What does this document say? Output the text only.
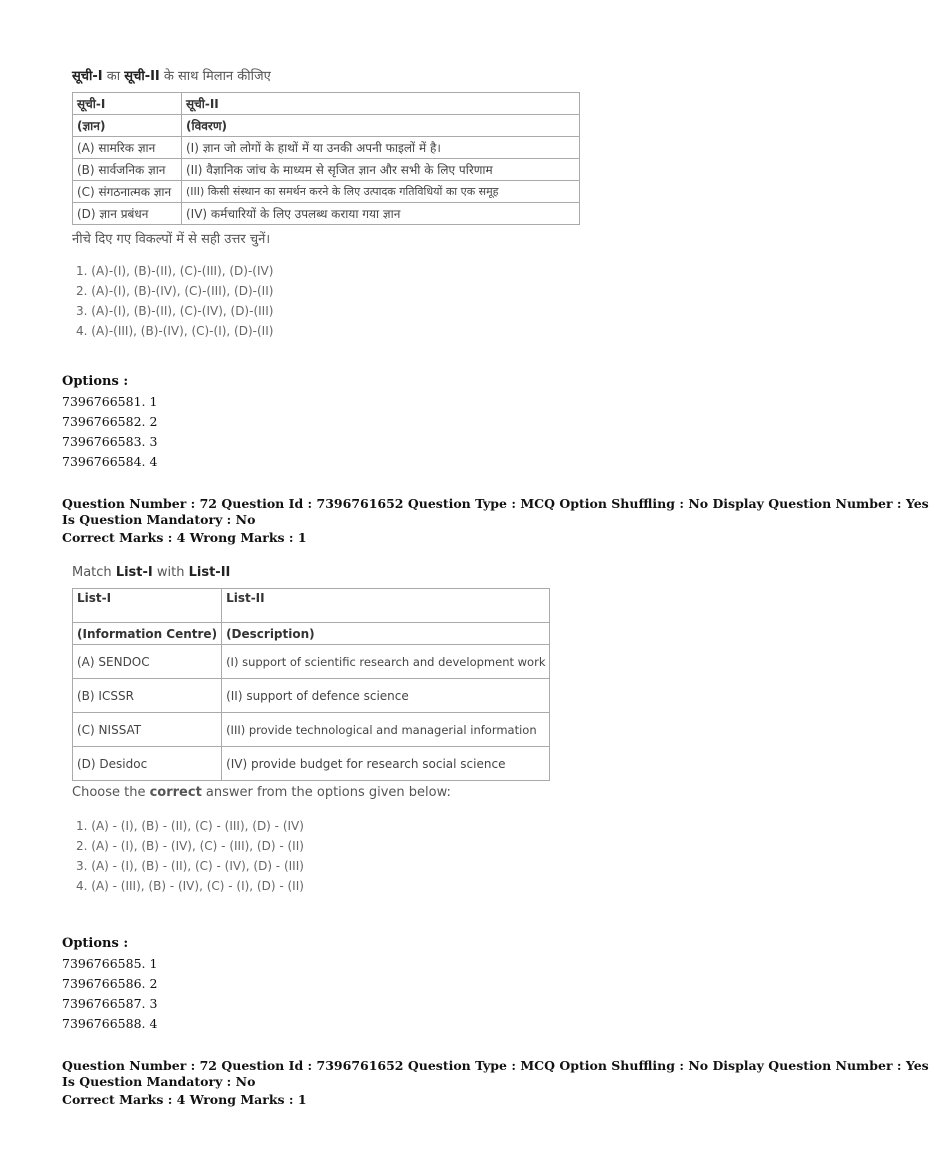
सूची-I का सूची-II के साथ मिलान कीजिए
सूची-I	सूची-II
(ज्ञान)	(विवरण)
(A) सामरिक ज्ञान	(I) ज्ञान जो लोगों के हाथों में या उनकी अपनी फाइलों में है।
(B) सार्वजनिक ज्ञान	(II) वैज्ञानिक जांच के माध्यम से सृजित ज्ञान और सभी के लिए परिणाम
(C) संगठनात्मक ज्ञान	(III) किसी संस्थान का समर्थन करने के लिए उत्पादक गतिविधियों का एक समूह
(D) ज्ञान प्रबंधन	(IV) कर्मचारियों के लिए उपलब्ध कराया गया ज्ञान
नीचे दिए गए विकल्पों में से सही उत्तर चुनें।
1. (A)-(I), (B)-(II), (C)-(III), (D)-(IV)
2. (A)-(I), (B)-(IV), (C)-(III), (D)-(II)
3. (A)-(I), (B)-(II), (C)-(IV), (D)-(III)
4. (A)-(III), (B)-(IV), (C)-(I), (D)-(II)
Options :
7396766581. 1
7396766582. 2
7396766583. 3
7396766584. 4
Question Number : 72 Question Id : 7396761652 Question Type : MCQ Option Shuffling : No Display Question Number : Yes
Is Question Mandatory : No
Correct Marks : 4 Wrong Marks : 1
Match List-I with List-II
List-I	List-II
(Information Centre)	(Description)
(A) SENDOC	(I) support of scientific research and development work
(B) ICSSR	(II) support of defence science
(C) NISSAT	(III) provide technological and managerial information
(D) Desidoc	(IV) provide budget for research social science
Choose the correct answer from the options given below:
1. (A) - (I), (B) - (II), (C) - (III), (D) - (IV)
2. (A) - (I), (B) - (IV), (C) - (III), (D) - (II)
3. (A) - (I), (B) - (II), (C) - (IV), (D) - (III)
4. (A) - (III), (B) - (IV), (C) - (I), (D) - (II)
Options :
7396766585. 1
7396766586. 2
7396766587. 3
7396766588. 4
Question Number : 72 Question Id : 7396761652 Question Type : MCQ Option Shuffling : No Display Question Number : Yes
Is Question Mandatory : No
Correct Marks : 4 Wrong Marks : 1
